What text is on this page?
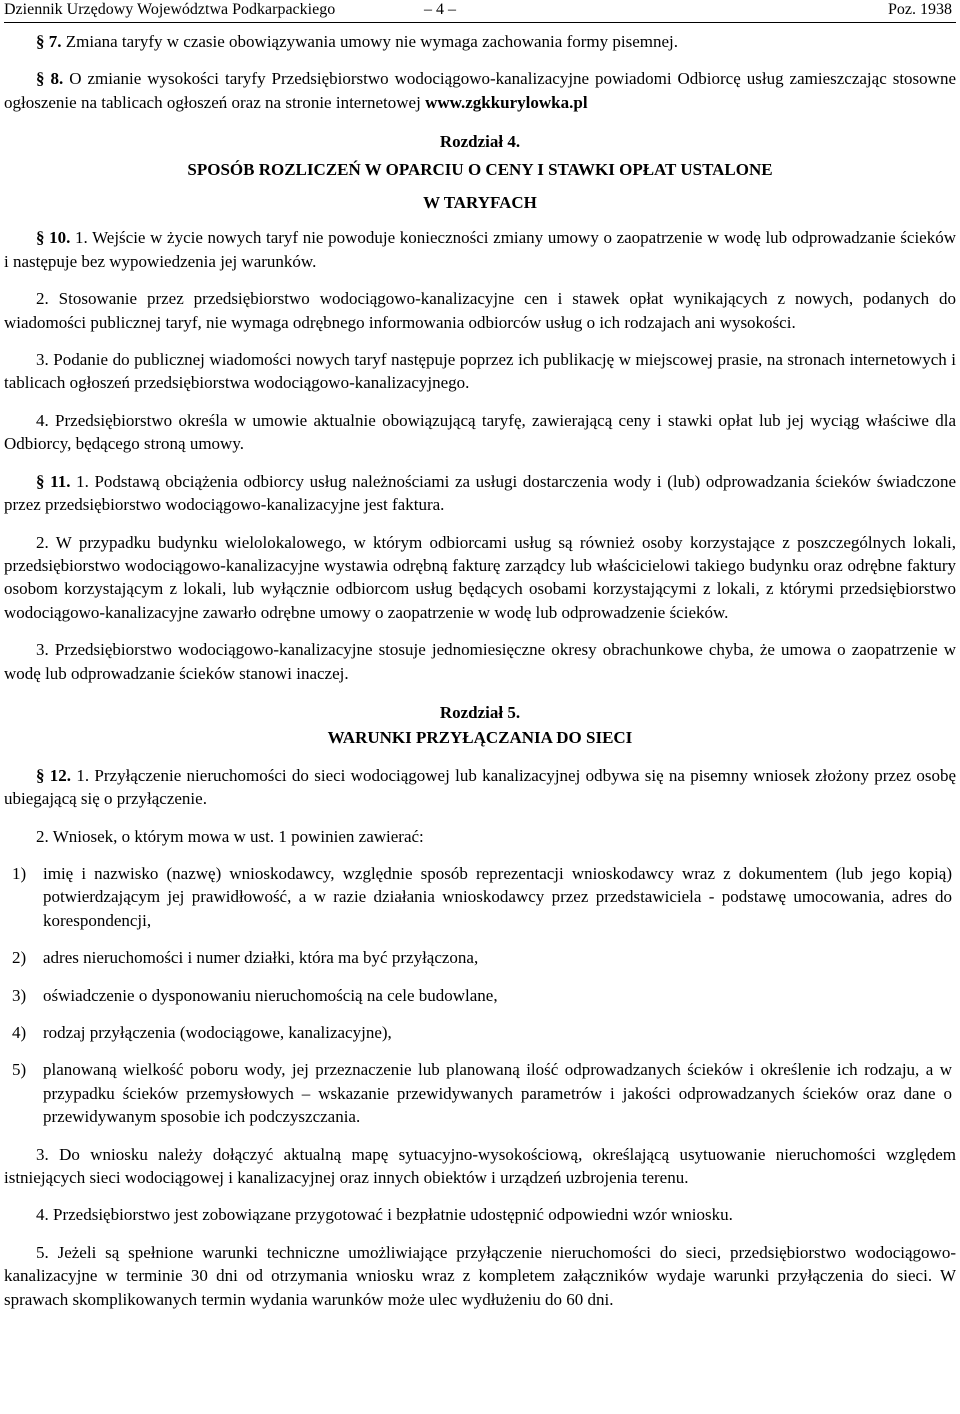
Dziennik Urzędowy Województwa Podkarpackiego	– 4 –	Poz. 1938

§ 7. Zmiana taryfy w czasie obowiązywania umowy nie wymaga zachowania formy pisemnej.

§ 8. O zmianie wysokości taryfy Przedsiębiorstwo wodociągowo-kanalizacyjne powiadomi Odbiorcę usług zamieszczając stosowne ogłoszenie na tablicach ogłoszeń oraz na stronie internetowej www.zgkkurylowka.pl

Rozdział 4.

SPOSÓB ROZLICZEŃ W OPARCIU O CENY I STAWKI OPŁAT USTALONE

W TARYFACH

§ 10. 1. Wejście w życie nowych taryf nie powoduje konieczności zmiany umowy o zaopatrzenie w wodę lub odprowadzanie ścieków i następuje bez wypowiedzenia jej warunków.

2. Stosowanie przez przedsiębiorstwo wodociągowo-kanalizacyjne cen i stawek opłat wynikających z nowych, podanych do wiadomości publicznej taryf, nie wymaga odrębnego informowania odbiorców usług o ich rodzajach ani wysokości.

3. Podanie do publicznej wiadomości nowych taryf następuje poprzez ich publikację w miejscowej prasie, na stronach internetowych i tablicach ogłoszeń przedsiębiorstwa wodociągowo-kanalizacyjnego.

4. Przedsiębiorstwo określa w umowie aktualnie obowiązującą taryfę, zawierającą ceny i stawki opłat lub jej wyciąg właściwe dla Odbiorcy, będącego stroną umowy.

§ 11. 1. Podstawą obciążenia odbiorcy usług należnościami za usługi dostarczenia wody i (lub) odprowadzania ścieków świadczone przez przedsiębiorstwo wodociągowo-kanalizacyjne jest faktura.

2. W przypadku budynku wielolokalowego, w którym odbiorcami usług są również osoby korzystające z poszczególnych lokali, przedsiębiorstwo wodociągowo-kanalizacyjne wystawia odrębną fakturę zarządcy lub właścicielowi takiego budynku oraz odrębne faktury osobom korzystającym z lokali, lub wyłącznie odbiorcom usług będących osobami korzystającymi z lokali, z którymi przedsiębiorstwo wodociągowo-kanalizacyjne zawarło odrębne umowy o zaopatrzenie w wodę lub odprowadzenie ścieków.

3. Przedsiębiorstwo wodociągowo-kanalizacyjne stosuje jednomiesięczne okresy obrachunkowe chyba, że umowa o zaopatrzenie w wodę lub odprowadzanie ścieków stanowi inaczej.

Rozdział 5.

WARUNKI PRZYŁĄCZANIA DO SIECI

§ 12. 1. Przyłączenie nieruchomości do sieci wodociągowej lub kanalizacyjnej odbywa się na pisemny wniosek złożony przez osobę ubiegającą się o przyłączenie.

2. Wniosek, o którym mowa w ust. 1 powinien zawierać:

1) imię i nazwisko (nazwę) wnioskodawcy, względnie sposób reprezentacji wnioskodawcy wraz z dokumentem (lub jego kopią) potwierdzającym jej prawidłowość, a w razie działania wnioskodawcy przez przedstawiciela - podstawę umocowania, adres do korespondencji,
2) adres nieruchomości i numer działki, która ma być przyłączona,
3) oświadczenie o dysponowaniu nieruchomością na cele budowlane,
4) rodzaj przyłączenia (wodociągowe, kanalizacyjne),
5) planowaną wielkość poboru wody, jej przeznaczenie lub planowaną ilość odprowadzanych ścieków i określenie ich rodzaju, a w przypadku ścieków przemysłowych – wskazanie przewidywanych parametrów i jakości odprowadzanych ścieków oraz dane o przewidywanym sposobie ich podczyszczania.

3. Do wniosku należy dołączyć aktualną mapę sytuacyjno-wysokościową, określającą usytuowanie nieruchomości względem istniejących sieci wodociągowej i kanalizacyjnej oraz innych obiektów i urządzeń uzbrojenia terenu.

4. Przedsiębiorstwo jest zobowiązane przygotować i bezpłatnie udostępnić odpowiedni wzór wniosku.

5. Jeżeli są spełnione warunki techniczne umożliwiające przyłączenie nieruchomości do sieci, przedsiębiorstwo wodociągowo-kanalizacyjne w terminie 30 dni od otrzymania wniosku wraz z kompletem załączników wydaje warunki przyłączenia do sieci. W sprawach skomplikowanych termin wydania warunków może ulec wydłużeniu do 60 dni.
